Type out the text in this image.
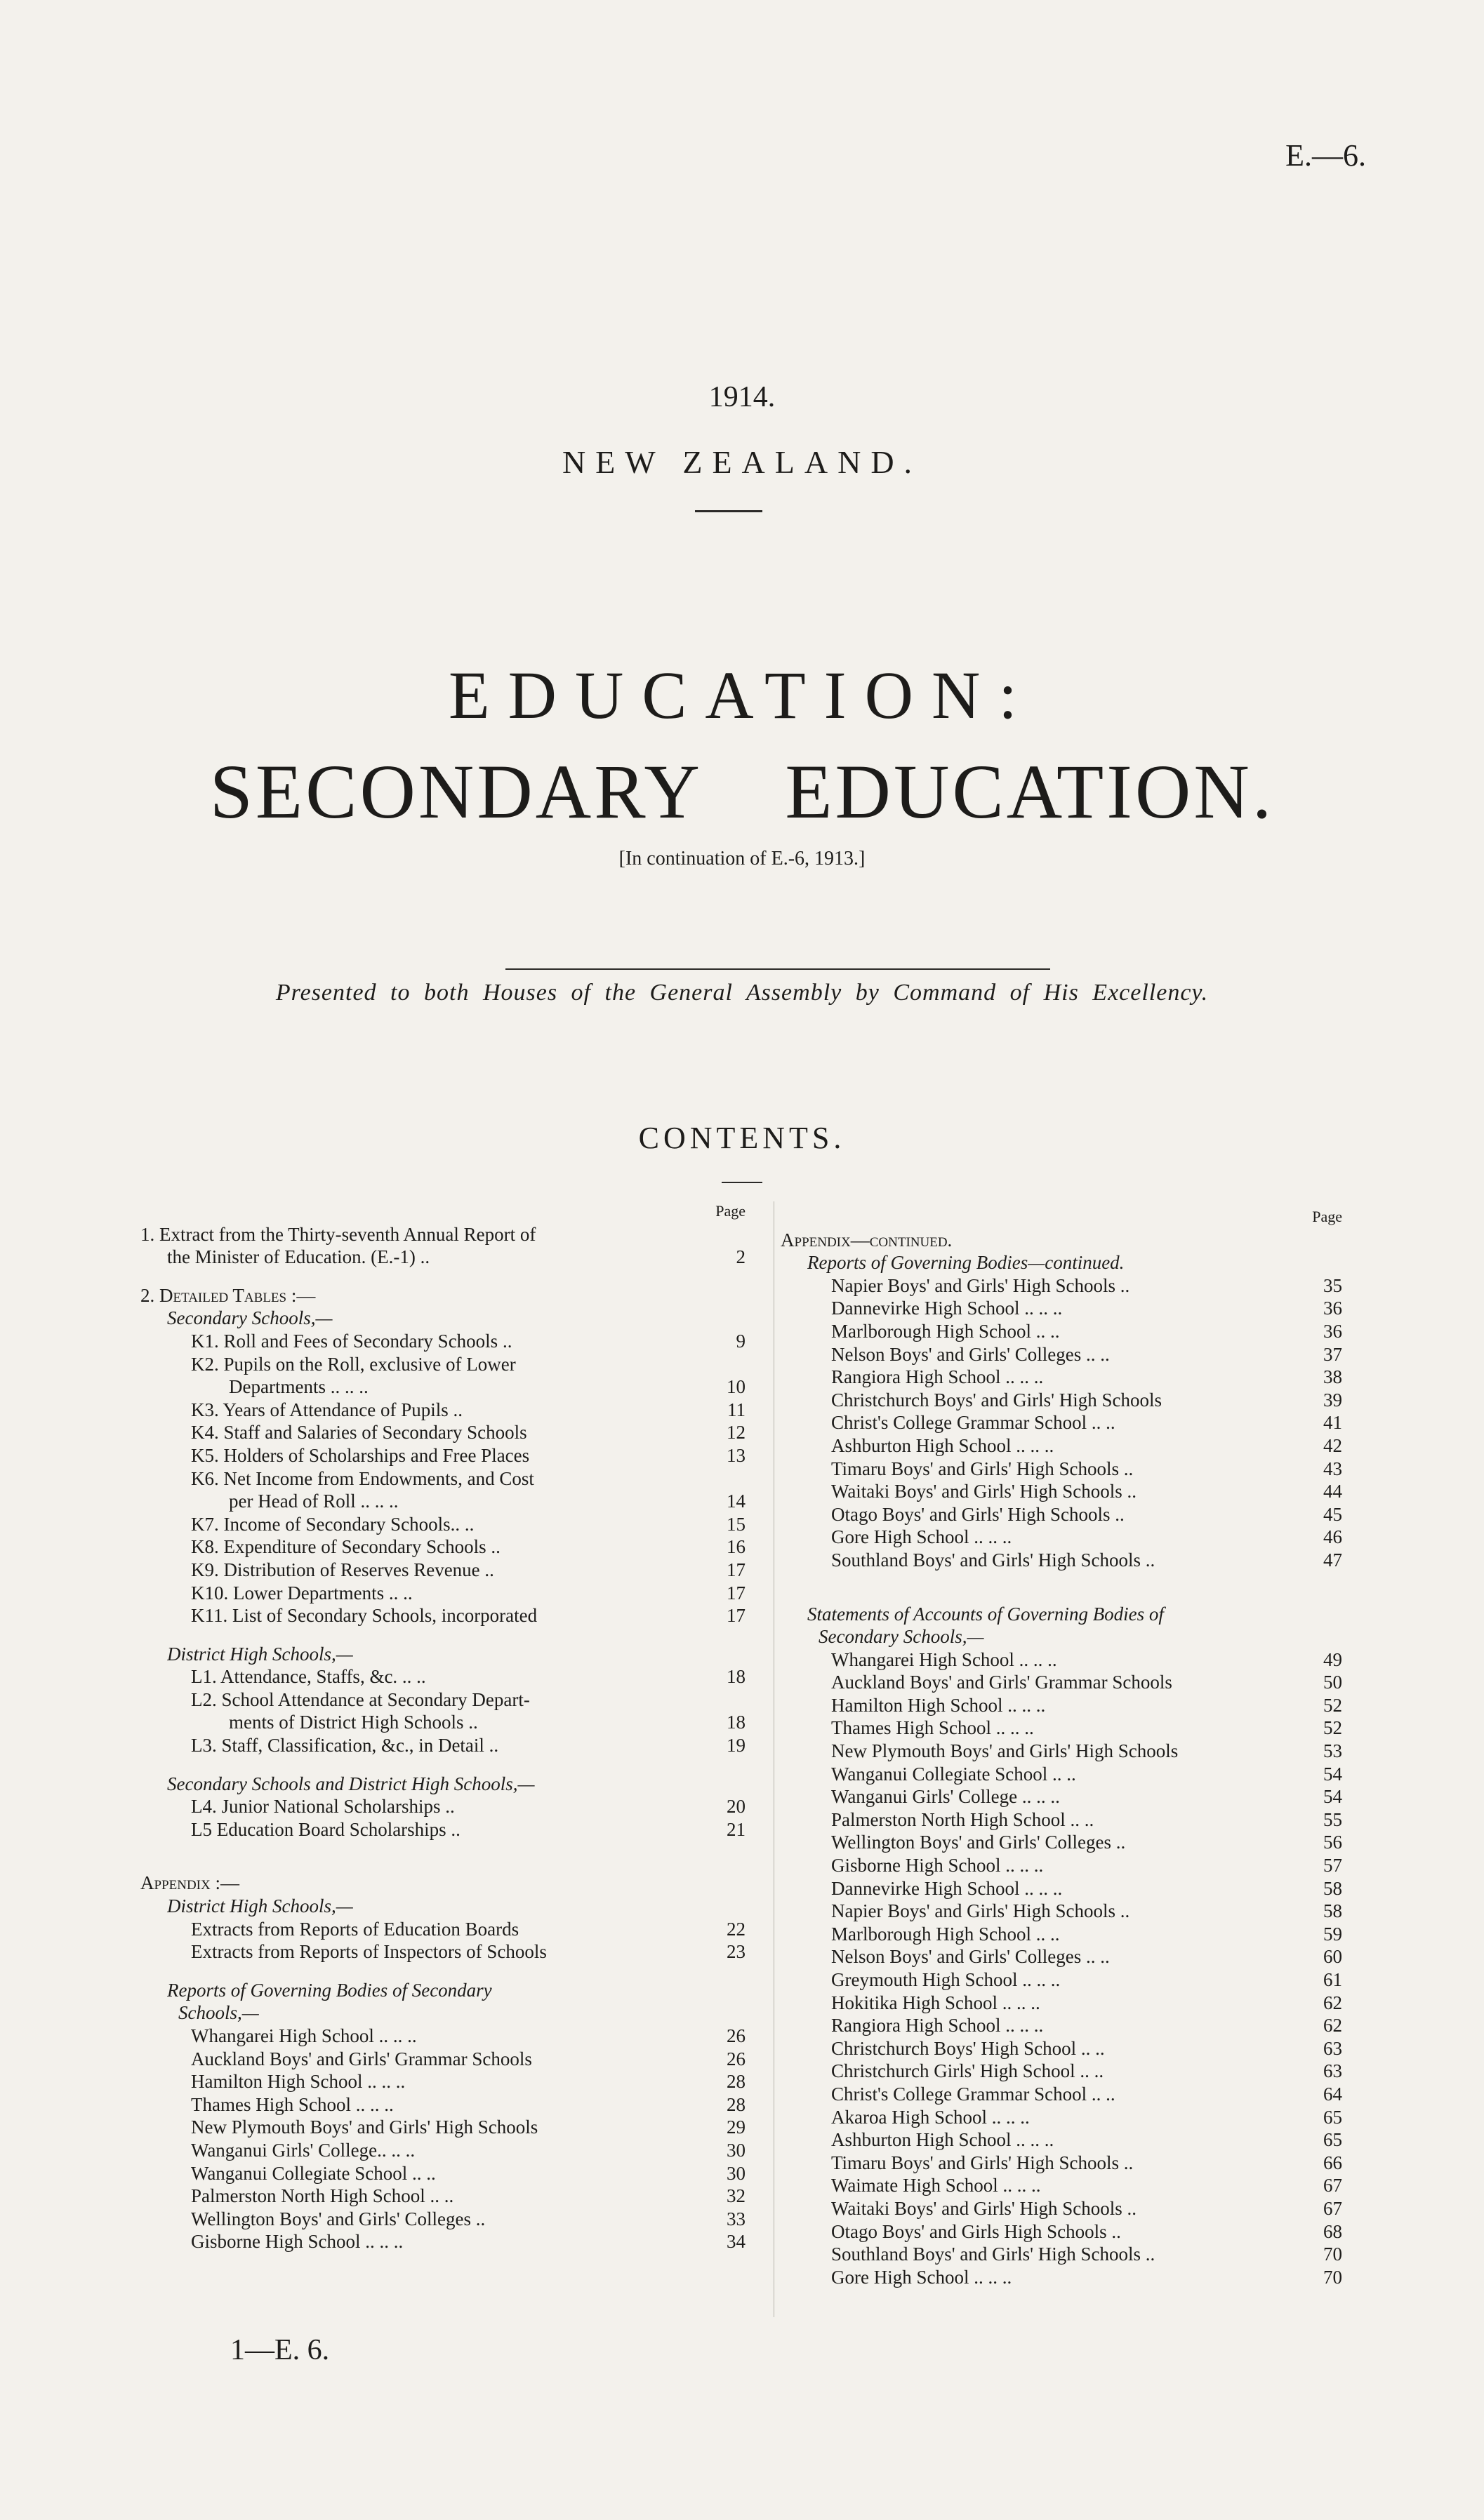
E.—6.
1914.
NEW ZEALAND.
EDUCATION:
SECONDARY EDUCATION.
[In continuation of E.-6, 1913.]
Presented to both Houses of the General Assembly by Command of His Excellency.
CONTENTS.
Page
1. Extract from the Thirty-seventh Annual Report of
the Minister of Education. (E.-1) ..	2
2. Detailed Tables :—
Secondary Schools,—
K1. Roll and Fees of Secondary Schools ..	9
K2. Pupils on the Roll, exclusive of Lower
Departments .. .. ..	10
K3. Years of Attendance of Pupils ..	11
K4. Staff and Salaries of Secondary Schools	12
K5. Holders of Scholarships and Free Places	13
K6. Net Income from Endowments, and Cost
per Head of Roll .. .. ..	14
K7. Income of Secondary Schools.. ..	15
K8. Expenditure of Secondary Schools ..	16
K9. Distribution of Reserves Revenue ..	17
K10. Lower Departments .. ..	17
K11. List of Secondary Schools, incorporated	17
District High Schools,—
L1. Attendance, Staffs, &c. .. ..	18
L2. School Attendance at Secondary Depart-
ments of District High Schools ..	18
L3. Staff, Classification, &c., in Detail ..	19
Secondary Schools and District High Schools,—
L4. Junior National Scholarships ..	20
L5 Education Board Scholarships ..	21
Appendix :—
District High Schools,—
Extracts from Reports of Education Boards	22
Extracts from Reports of Inspectors of Schools	23
Reports of Governing Bodies of Secondary
Schools,—
Whangarei High School .. .. ..	26
Auckland Boys' and Girls' Grammar Schools	26
Hamilton High School .. .. ..	28
Thames High School .. .. ..	28
New Plymouth Boys' and Girls' High Schools	29
Wanganui Girls' College.. .. ..	30
Wanganui Collegiate School .. ..	30
Palmerston North High School .. ..	32
Wellington Boys' and Girls' Colleges ..	33
Gisborne High School .. .. ..	34
Page
Appendix—continued.
Reports of Governing Bodies—continued.
Napier Boys' and Girls' High Schools ..	35
Dannevirke High School .. .. ..	36
Marlborough High School .. ..	36
Nelson Boys' and Girls' Colleges .. ..	37
Rangiora High School .. .. ..	38
Christchurch Boys' and Girls' High Schools	39
Christ's College Grammar School .. ..	41
Ashburton High School .. .. ..	42
Timaru Boys' and Girls' High Schools ..	43
Waitaki Boys' and Girls' High Schools ..	44
Otago Boys' and Girls' High Schools ..	45
Gore High School .. .. ..	46
Southland Boys' and Girls' High Schools ..	47
Statements of Accounts of Governing Bodies of
Secondary Schools,—
Whangarei High School .. .. ..	49
Auckland Boys' and Girls' Grammar Schools	50
Hamilton High School .. .. ..	52
Thames High School .. .. ..	52
New Plymouth Boys' and Girls' High Schools	53
Wanganui Collegiate School .. ..	54
Wanganui Girls' College .. .. ..	54
Palmerston North High School .. ..	55
Wellington Boys' and Girls' Colleges ..	56
Gisborne High School .. .. ..	57
Dannevirke High School .. .. ..	58
Napier Boys' and Girls' High Schools ..	58
Marlborough High School .. ..	59
Nelson Boys' and Girls' Colleges .. ..	60
Greymouth High School .. .. ..	61
Hokitika High School .. .. ..	62
Rangiora High School .. .. ..	62
Christchurch Boys' High School .. ..	63
Christchurch Girls' High School .. ..	63
Christ's College Grammar School .. ..	64
Akaroa High School .. .. ..	65
Ashburton High School .. .. ..	65
Timaru Boys' and Girls' High Schools ..	66
Waimate High School .. .. ..	67
Waitaki Boys' and Girls' High Schools ..	67
Otago Boys' and Girls High Schools ..	68
Southland Boys' and Girls' High Schools ..	70
Gore High School .. .. ..	70
1—E. 6.
